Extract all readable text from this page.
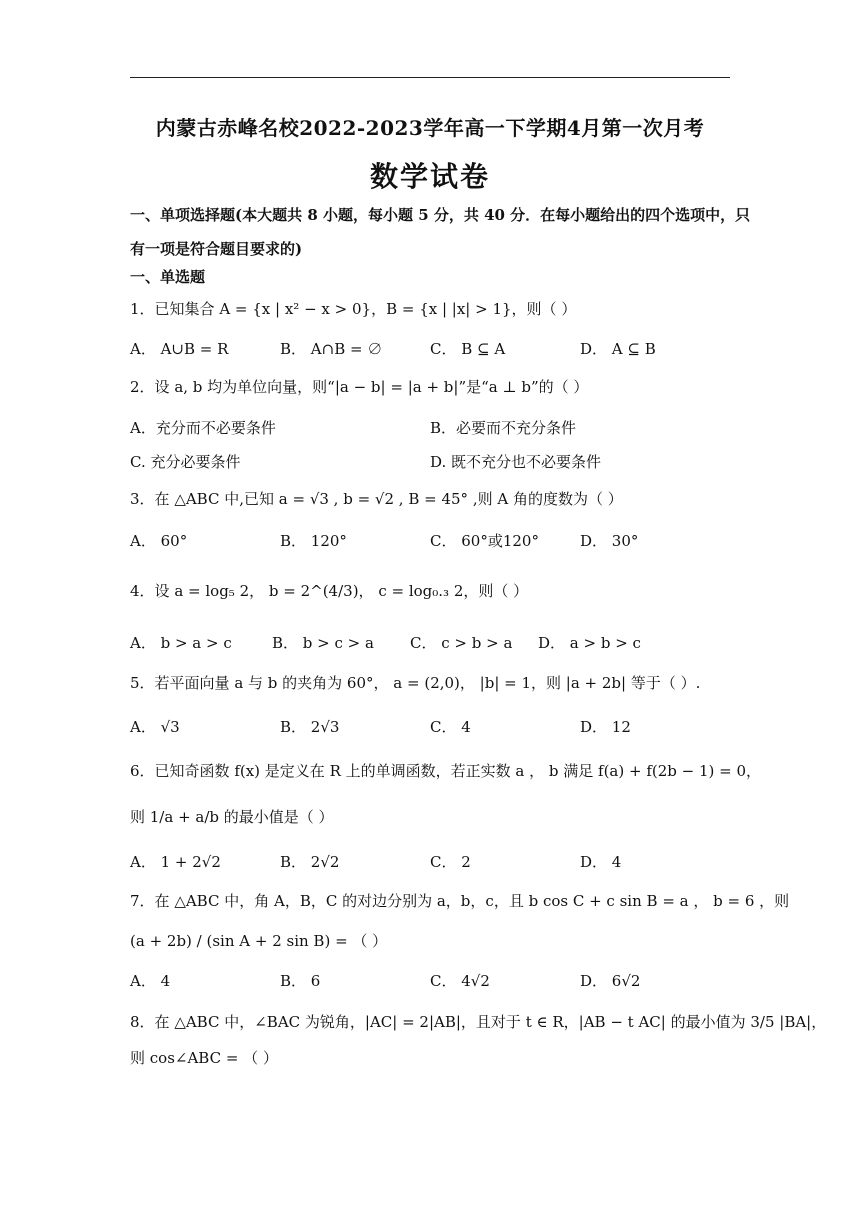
内蒙古赤峰名校2022-2023学年高一下学期4月第一次月考
数学试卷
一、单项选择题(本大题共 8 小题，每小题 5 分，共 40 分．在每小题给出的四个选项中，只
有一项是符合题目要求的)
一、单选题
1．已知集合 A = {x | x² − x > 0}，B = {x | |x| > 1}，则（ ）
A． A∪B = R	B． A∩B = ∅	C． B ⊆ A	D． A ⊆ B
2．设 a, b 均为单位向量，则“|a − b| = |a + b|”是“a ⊥ b”的（ ）
A．充分而不必要条件	B．必要而不充分条件
C. 充分必要条件	D. 既不充分也不必要条件
3．在 △ABC 中,已知 a = √3 , b = √2 , B = 45° ,则 A 角的度数为（ ）
A． 60°	B． 120°	C． 60°或120°	D． 30°
4．设 a = log₅ 2， b = 2^(4/3)， c = log₀.₃ 2，则（ ）
A． b > a > c	B． b > c > a C． c > b > a D． a > b > c
5．若平面向量 a 与 b 的夹角为 60°， a = (2,0)， |b| = 1，则 |a + 2b| 等于（ ）.
A． √3	B． 2√3	C． 4	D． 12
6．已知奇函数 f(x) 是定义在 R 上的单调函数，若正实数 a ， b 满足 f(a) + f(2b − 1) = 0，
则 1/a + a/b 的最小值是（ ）
A． 1 + 2√2	B． 2√2	C． 2	D． 4
7．在 △ABC 中，角 A，B，C 的对边分别为 a，b，c，且 b cos C + c sin B = a ， b = 6 ，则
(a + 2b) / (sin A + 2 sin B) = （ ）
A． 4	B． 6	C． 4√2	D． 6√2
8．在 △ABC 中，∠BAC 为锐角，|AC| = 2|AB|，且对于 t ∈ R，|AB − t AC| 的最小值为 3/5 |BA|，
则 cos∠ABC = （ ）
